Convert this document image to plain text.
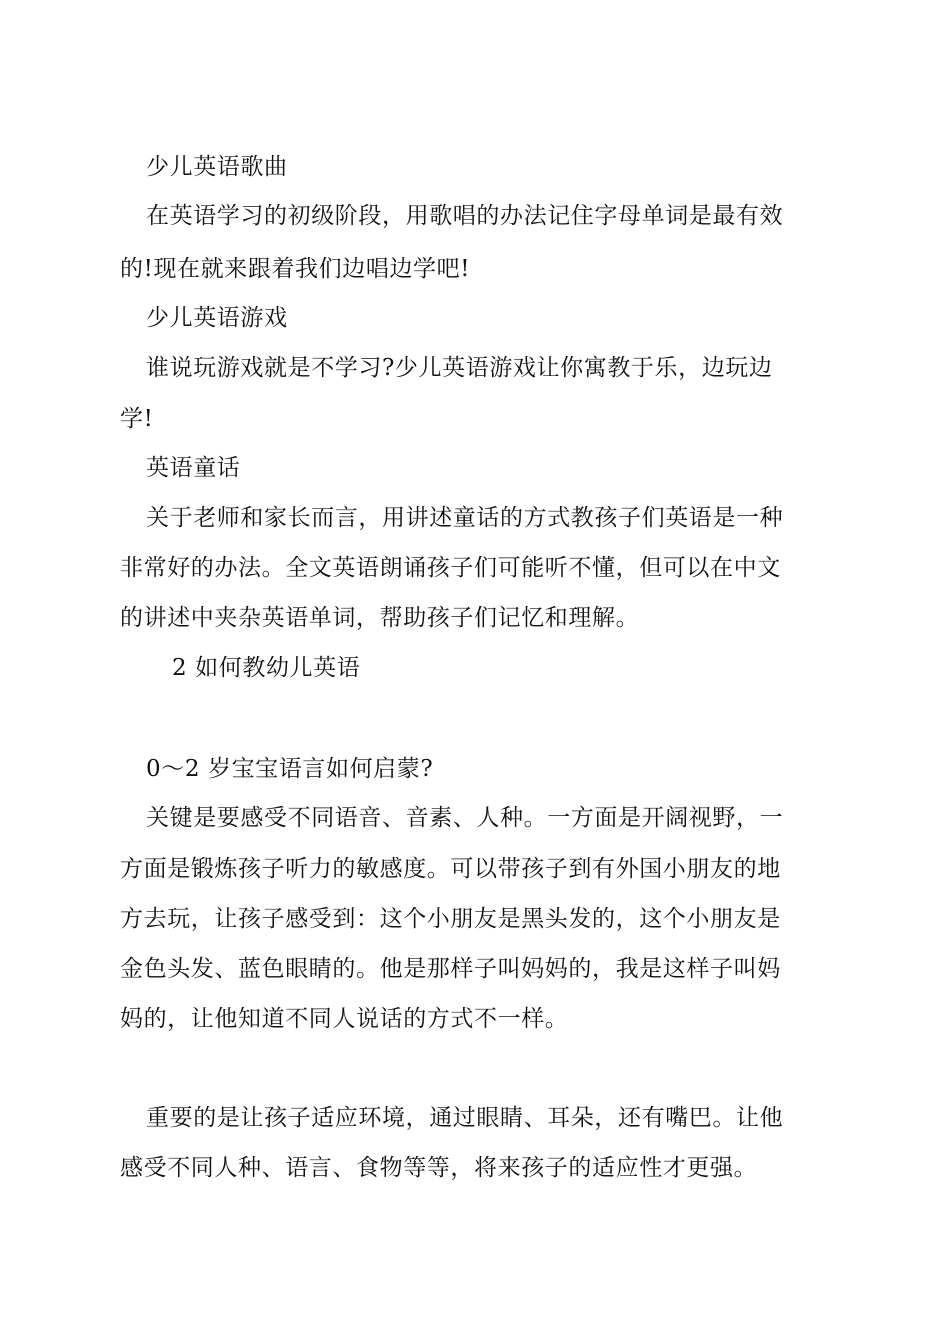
少儿英语歌曲
在英语学习的初级阶段，用歌唱的办法记住字母单词是最有效
的!现在就来跟着我们边唱边学吧!
少儿英语游戏
谁说玩游戏就是不学习?少儿英语游戏让你寓教于乐，边玩边
学!
英语童话
关于老师和家长而言，用讲述童话的方式教孩子们英语是一种
非常好的办法。全文英语朗诵孩子们可能听不懂，但可以在中文
的讲述中夹杂英语单词，帮助孩子们记忆和理解。
2 如何教幼儿英语
0～2 岁宝宝语言如何启蒙?
关键是要感受不同语音、音素、人种。一方面是开阔视野，一
方面是锻炼孩子听力的敏感度。可以带孩子到有外国小朋友的地
方去玩，让孩子感受到：这个小朋友是黑头发的，这个小朋友是
金色头发、蓝色眼睛的。他是那样子叫妈妈的，我是这样子叫妈
妈的，让他知道不同人说话的方式不一样。
重要的是让孩子适应环境，通过眼睛、耳朵，还有嘴巴。让他
感受不同人种、语言、食物等等，将来孩子的适应性才更强。
